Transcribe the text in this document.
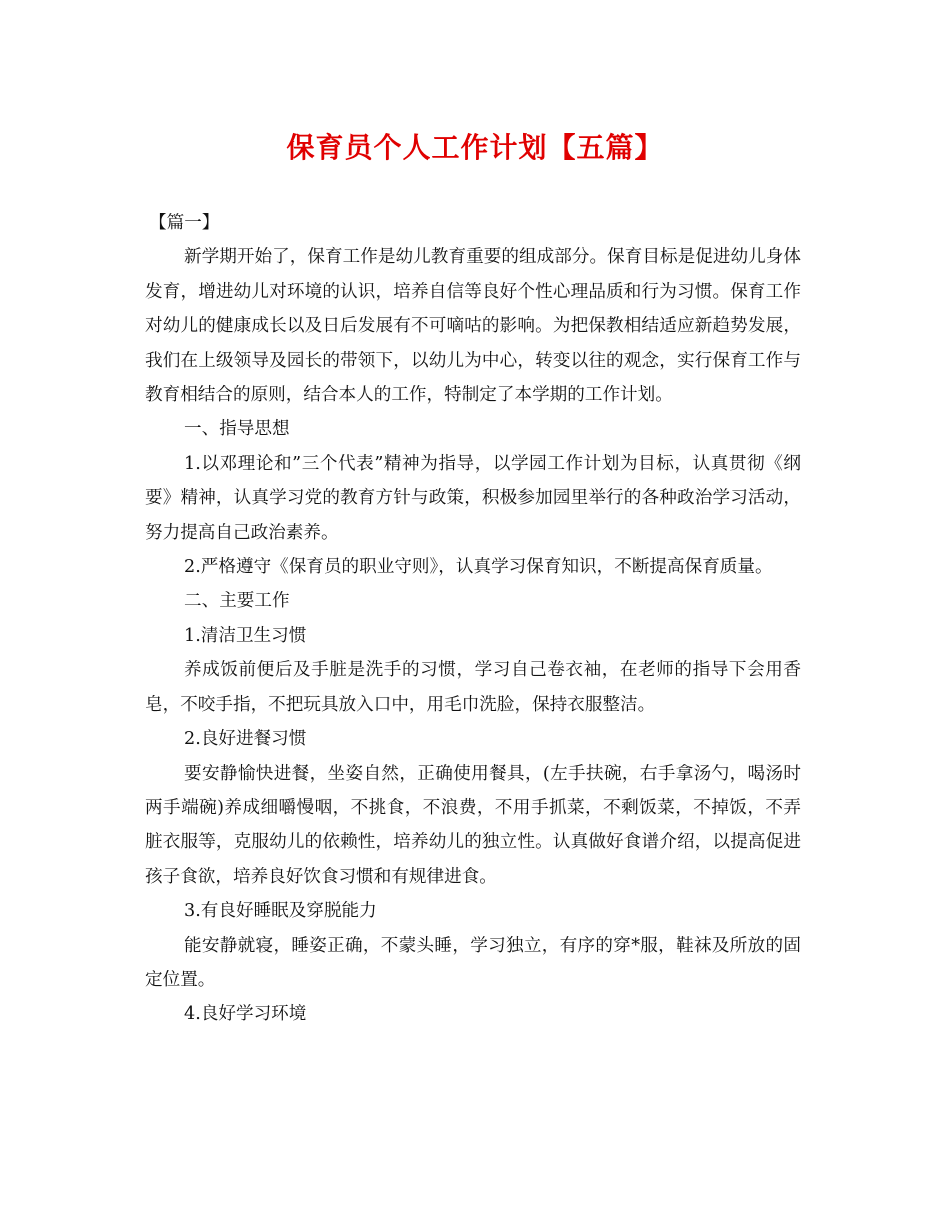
保育员个人工作计划【五篇】

【篇一】

新学期开始了，保育工作是幼儿教育重要的组成部分。保育目标是促进幼儿身体发育，增进幼儿对环境的认识，培养自信等良好个性心理品质和行为习惯。保育工作对幼儿的健康成长以及日后发展有不可嘀咕的影响。为把保教相结适应新趋势发展，我们在上级领导及园长的带领下，以幼儿为中心，转变以往的观念，实行保育工作与教育相结合的原则，结合本人的工作，特制定了本学期的工作计划。

一、指导思想

1.以邓理论和”三个代表”精神为指导，以学园工作计划为目标，认真贯彻《纲要》精神，认真学习党的教育方针与政策，积极参加园里举行的各种政治学习活动，努力提高自己政治素养。

2.严格遵守《保育员的职业守则》，认真学习保育知识，不断提高保育质量。

二、主要工作

1.清洁卫生习惯

养成饭前便后及手脏是洗手的习惯，学习自己卷衣袖，在老师的指导下会用香皂，不咬手指，不把玩具放入口中，用毛巾洗脸，保持衣服整洁。

2.良好进餐习惯

要安静愉快进餐，坐姿自然，正确使用餐具，(左手扶碗，右手拿汤勺，喝汤时两手端碗)养成细嚼慢咽，不挑食，不浪费，不用手抓菜，不剩饭菜，不掉饭，不弄脏衣服等，克服幼儿的依赖性，培养幼儿的独立性。认真做好食谱介绍，以提高促进孩子食欲，培养良好饮食习惯和有规律进食。

3.有良好睡眠及穿脱能力

能安静就寝，睡姿正确，不蒙头睡，学习独立，有序的穿*服，鞋袜及所放的固定位置。

4.良好学习环境
